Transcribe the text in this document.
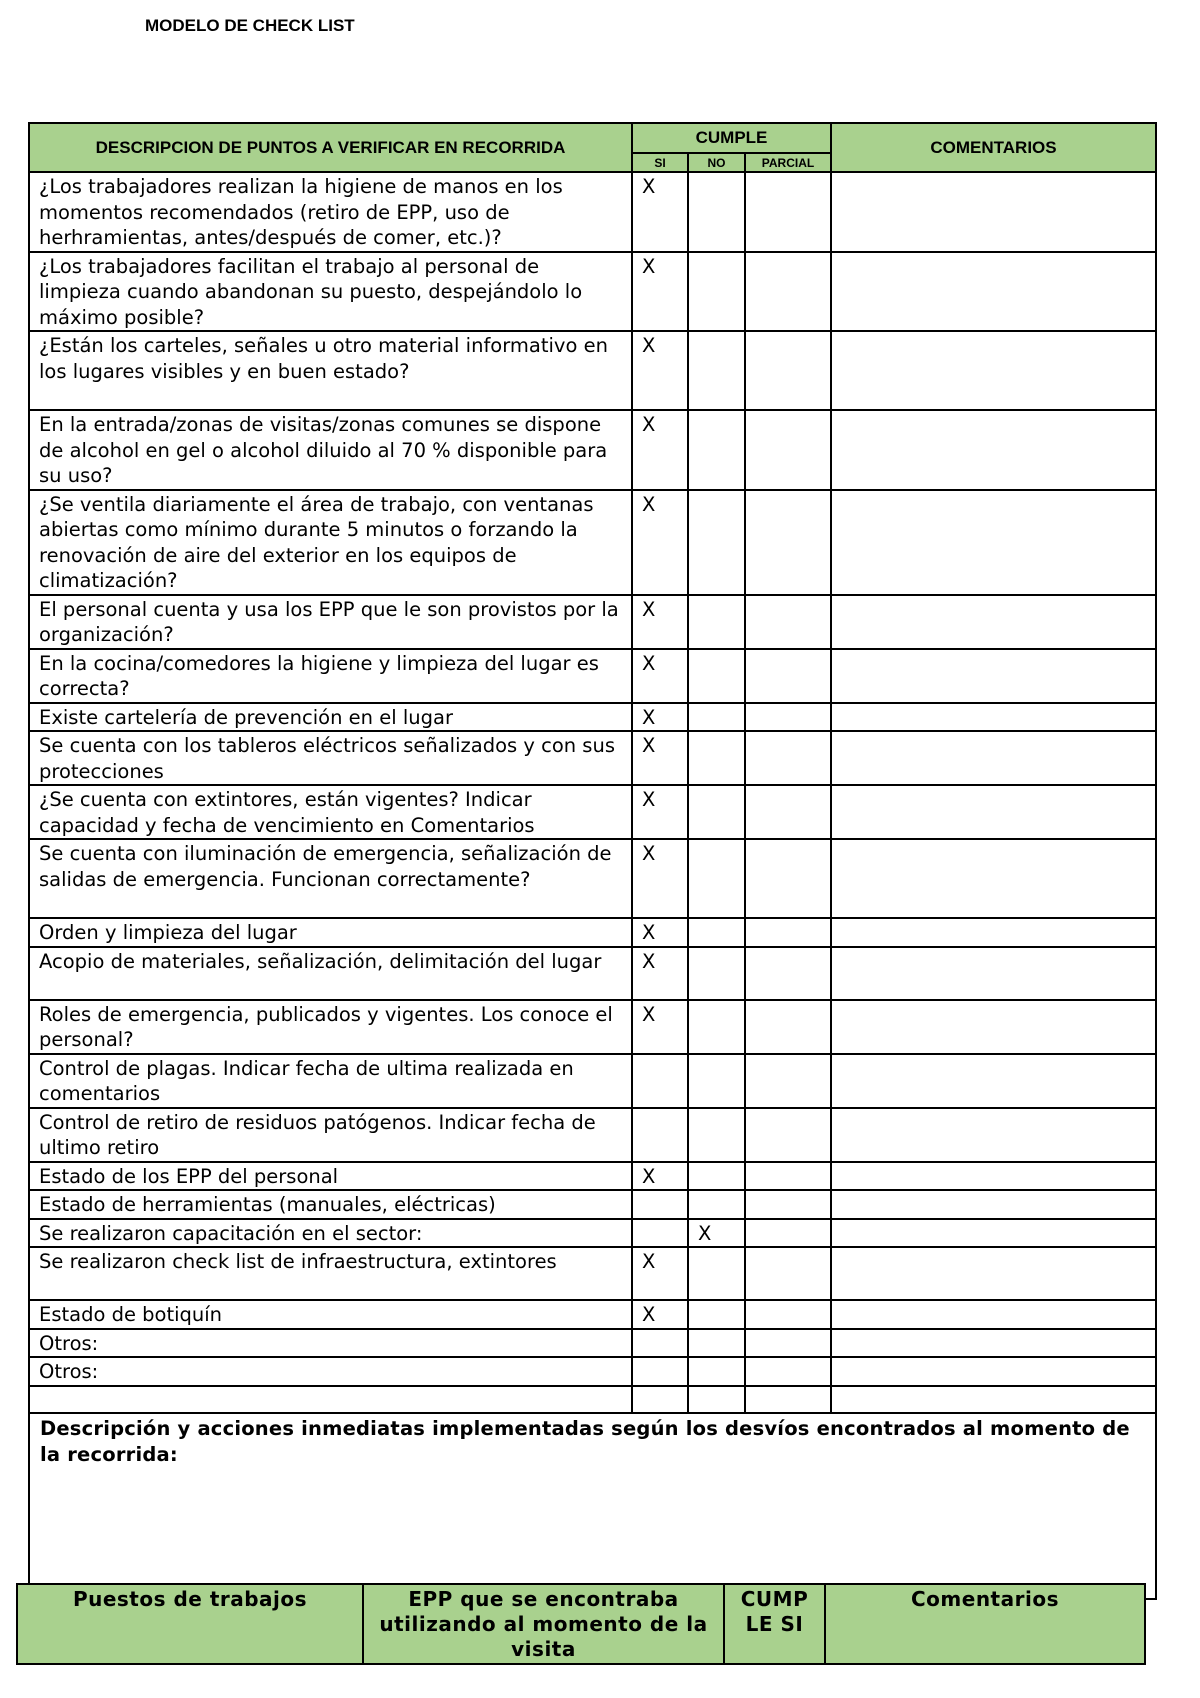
MODELO DE CHECK LIST
DESCRIPCION DE PUNTOS A VERIFICAR EN RECORRIDA	CUMPLE			COMENTARIOS
	SI	NO	PARCIAL	
¿Los trabajadores realizan la higiene de manos en los momentos recomendados (retiro de EPP, uso de herhramientas, antes/después de comer, etc.)?	X			
¿Los trabajadores facilitan el trabajo al personal de limpieza cuando abandonan su puesto, despejándolo lo máximo posible?	X			
¿Están los carteles, señales u otro material informativo en los lugares visibles y en buen estado?	X			
En la entrada/zonas de visitas/zonas comunes se dispone de alcohol en gel o alcohol diluido al 70 % disponible para su uso?	X			
¿Se ventila diariamente el área de trabajo, con ventanas abiertas como mínimo durante 5 minutos o forzando la renovación de aire del exterior en los equipos de climatización?	X			
El personal cuenta y usa los EPP que le son provistos por la organización?	X			
En la cocina/comedores la higiene y limpieza del lugar es correcta?	X			
Existe cartelería de prevención en el lugar	X			
Se cuenta con los tableros eléctricos señalizados y con sus protecciones	X			
¿Se cuenta con extintores, están vigentes? Indicar capacidad y fecha de vencimiento en Comentarios	X			
Se cuenta con iluminación de emergencia, señalización de salidas de emergencia. Funcionan correctamente?	X			
Orden y limpieza del lugar	X			
Acopio de materiales, señalización, delimitación del lugar	X			
Roles de emergencia, publicados y vigentes. Los conoce el personal?	X			
Control de plagas. Indicar fecha de ultima realizada en comentarios				
Control de retiro de residuos patógenos. Indicar fecha de ultimo retiro				
Estado de los EPP del personal	X			
Estado de herramientas (manuales, eléctricas)				
Se realizaron capacitación en el sector:		X		
Se realizaron check list de infraestructura, extintores	X			
Estado de botiquín	X			
Otros:				
Otros:				

Descripción y acciones inmediatas implementadas según los desvíos encontrados al momento de la recorrida:				
Puestos de trabajos	EPP que se encontraba utilizando al momento de la visita	CUMP LE SI	Comentarios
